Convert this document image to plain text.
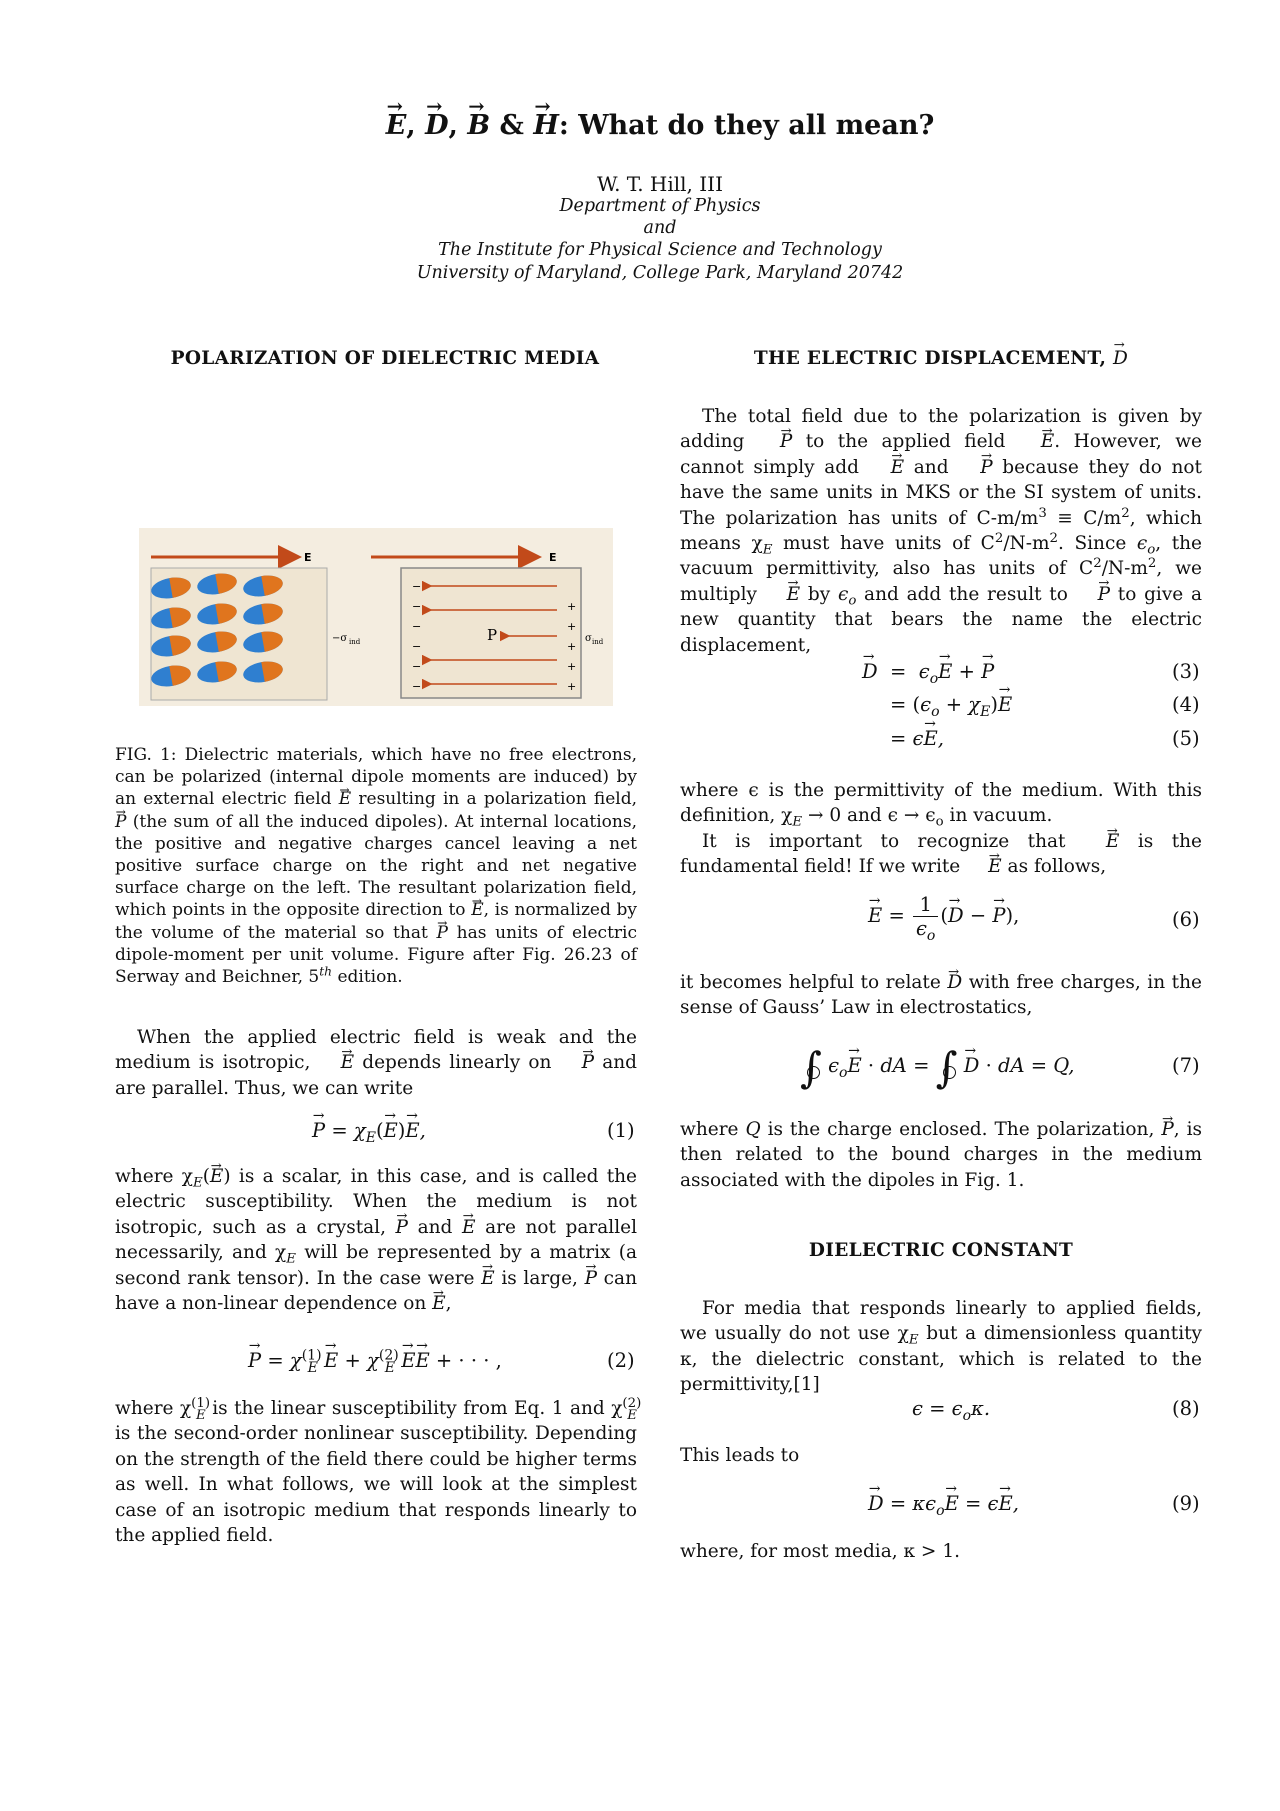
→ E, → D, → B & → H: What do they all mean?
W. T. Hill, III
Department of Physics
and
The Institute for Physical Science and Technology
University of Maryland, College Park, Maryland 20742
POLARIZATION OF DIELECTRIC MEDIA
E
−σ ind
E
−
−
−
−
−
−
+
+
+
+
+
P	σ ind
FIG. 1: Dielectric materials, which have no free electrons, can be polarized (internal dipole moments are induced) by an external electric field → E resulting in a polarization field, → P (the sum of all the induced dipoles). At internal locations, the positive and negative charges cancel leaving a net positive surface charge on the right and net negative surface charge on the left. The resultant polarization field, which points in the opposite direction to → E, is normalized by the volume of the material so that → P has units of electric dipole-moment per unit volume. Figure after Fig. 26.23 of Serway and Beichner, 5th edition.
When the applied electric field is weak and the medium is isotropic, → E depends linearly on → P and are parallel. Thus, we can write
→ $P = \chi_E(\to E)\to E$,	(1)
where $\chi_E(\to E)$ is a scalar, in this case, and is called the electric susceptibility. When the medium is not isotropic, such as a crystal, → P and → E are not parallel necessarily, and $\chi_E$ will be represented by a matrix (a second rank tensor). In the case were → E is large, → P can have a non-linear dependence on → E,
→ $P = \chi^{(1)}_E \to E + \chi^{(2)}_E \to E\to E$ + · · · ,	(2)
where $\chi^{(1)}_E$ is the linear susceptibility from Eq. 1 and $\chi^{(2)}_E$ is the second-order nonlinear susceptibility. Depending on the strength of the field there could be higher terms as well. In what follows, we will look at the simplest case of an isotropic medium that responds linearly to the applied field.
THE ELECTRIC DISPLACEMENT, → D
The total field due to the polarization is given by adding → P to the applied field → E. However, we cannot simply add → E and → P because they do not have the same units in MKS or the SI system of units. The polarization has units of $C-m/m^3 \equiv C/m^2$, which means $\chi_E$ must have units of $C^2/N-m^2$. Since $\epsilon_o$, the vacuum permittivity, also has units of $C^2/N-m^2$, we multiply → E by $\epsilon_o$ and add the result to → P to give a new quantity that bears the name the electric displacement,
→ $D = \epsilon_o\to E$ + → P	(3)
= $(\epsilon_o + \chi_E)\to E$	(4)
= ϵ→ E,	(5)
where ϵ is the permittivity of the medium. With this definition, $\chi_E \to 0$ and $\epsilon \to \epsilon_o$ in vacuum.
It is important to recognize that → E is the fundamental field! If we write → E as follows,
→ $E = \frac{1}{\epsilon_o}$ (→ D − → P),	(6)
it becomes helpful to relate → D with free charges, in the sense of Gauss’ Law in electrostatics,
∫ $\epsilon_o\to E$ · dA = ∫ → D · dA = Q,	(7)
where Q is the charge enclosed. The polarization, → P, is then related to the bound charges in the medium associated with the dipoles in Fig. 1.
DIELECTRIC CONSTANT
For media that responds linearly to applied fields, we usually do not use $\chi_E$ but a dimensionless quantity κ, the dielectric constant, which is related to the permittivity,[1]
$\epsilon = \epsilon_o\kappa$.	(8)
This leads to
→ $D = \kappa\epsilon_o\to E = \epsilon\to E$,	(9)
where, for most media, κ > 1.
